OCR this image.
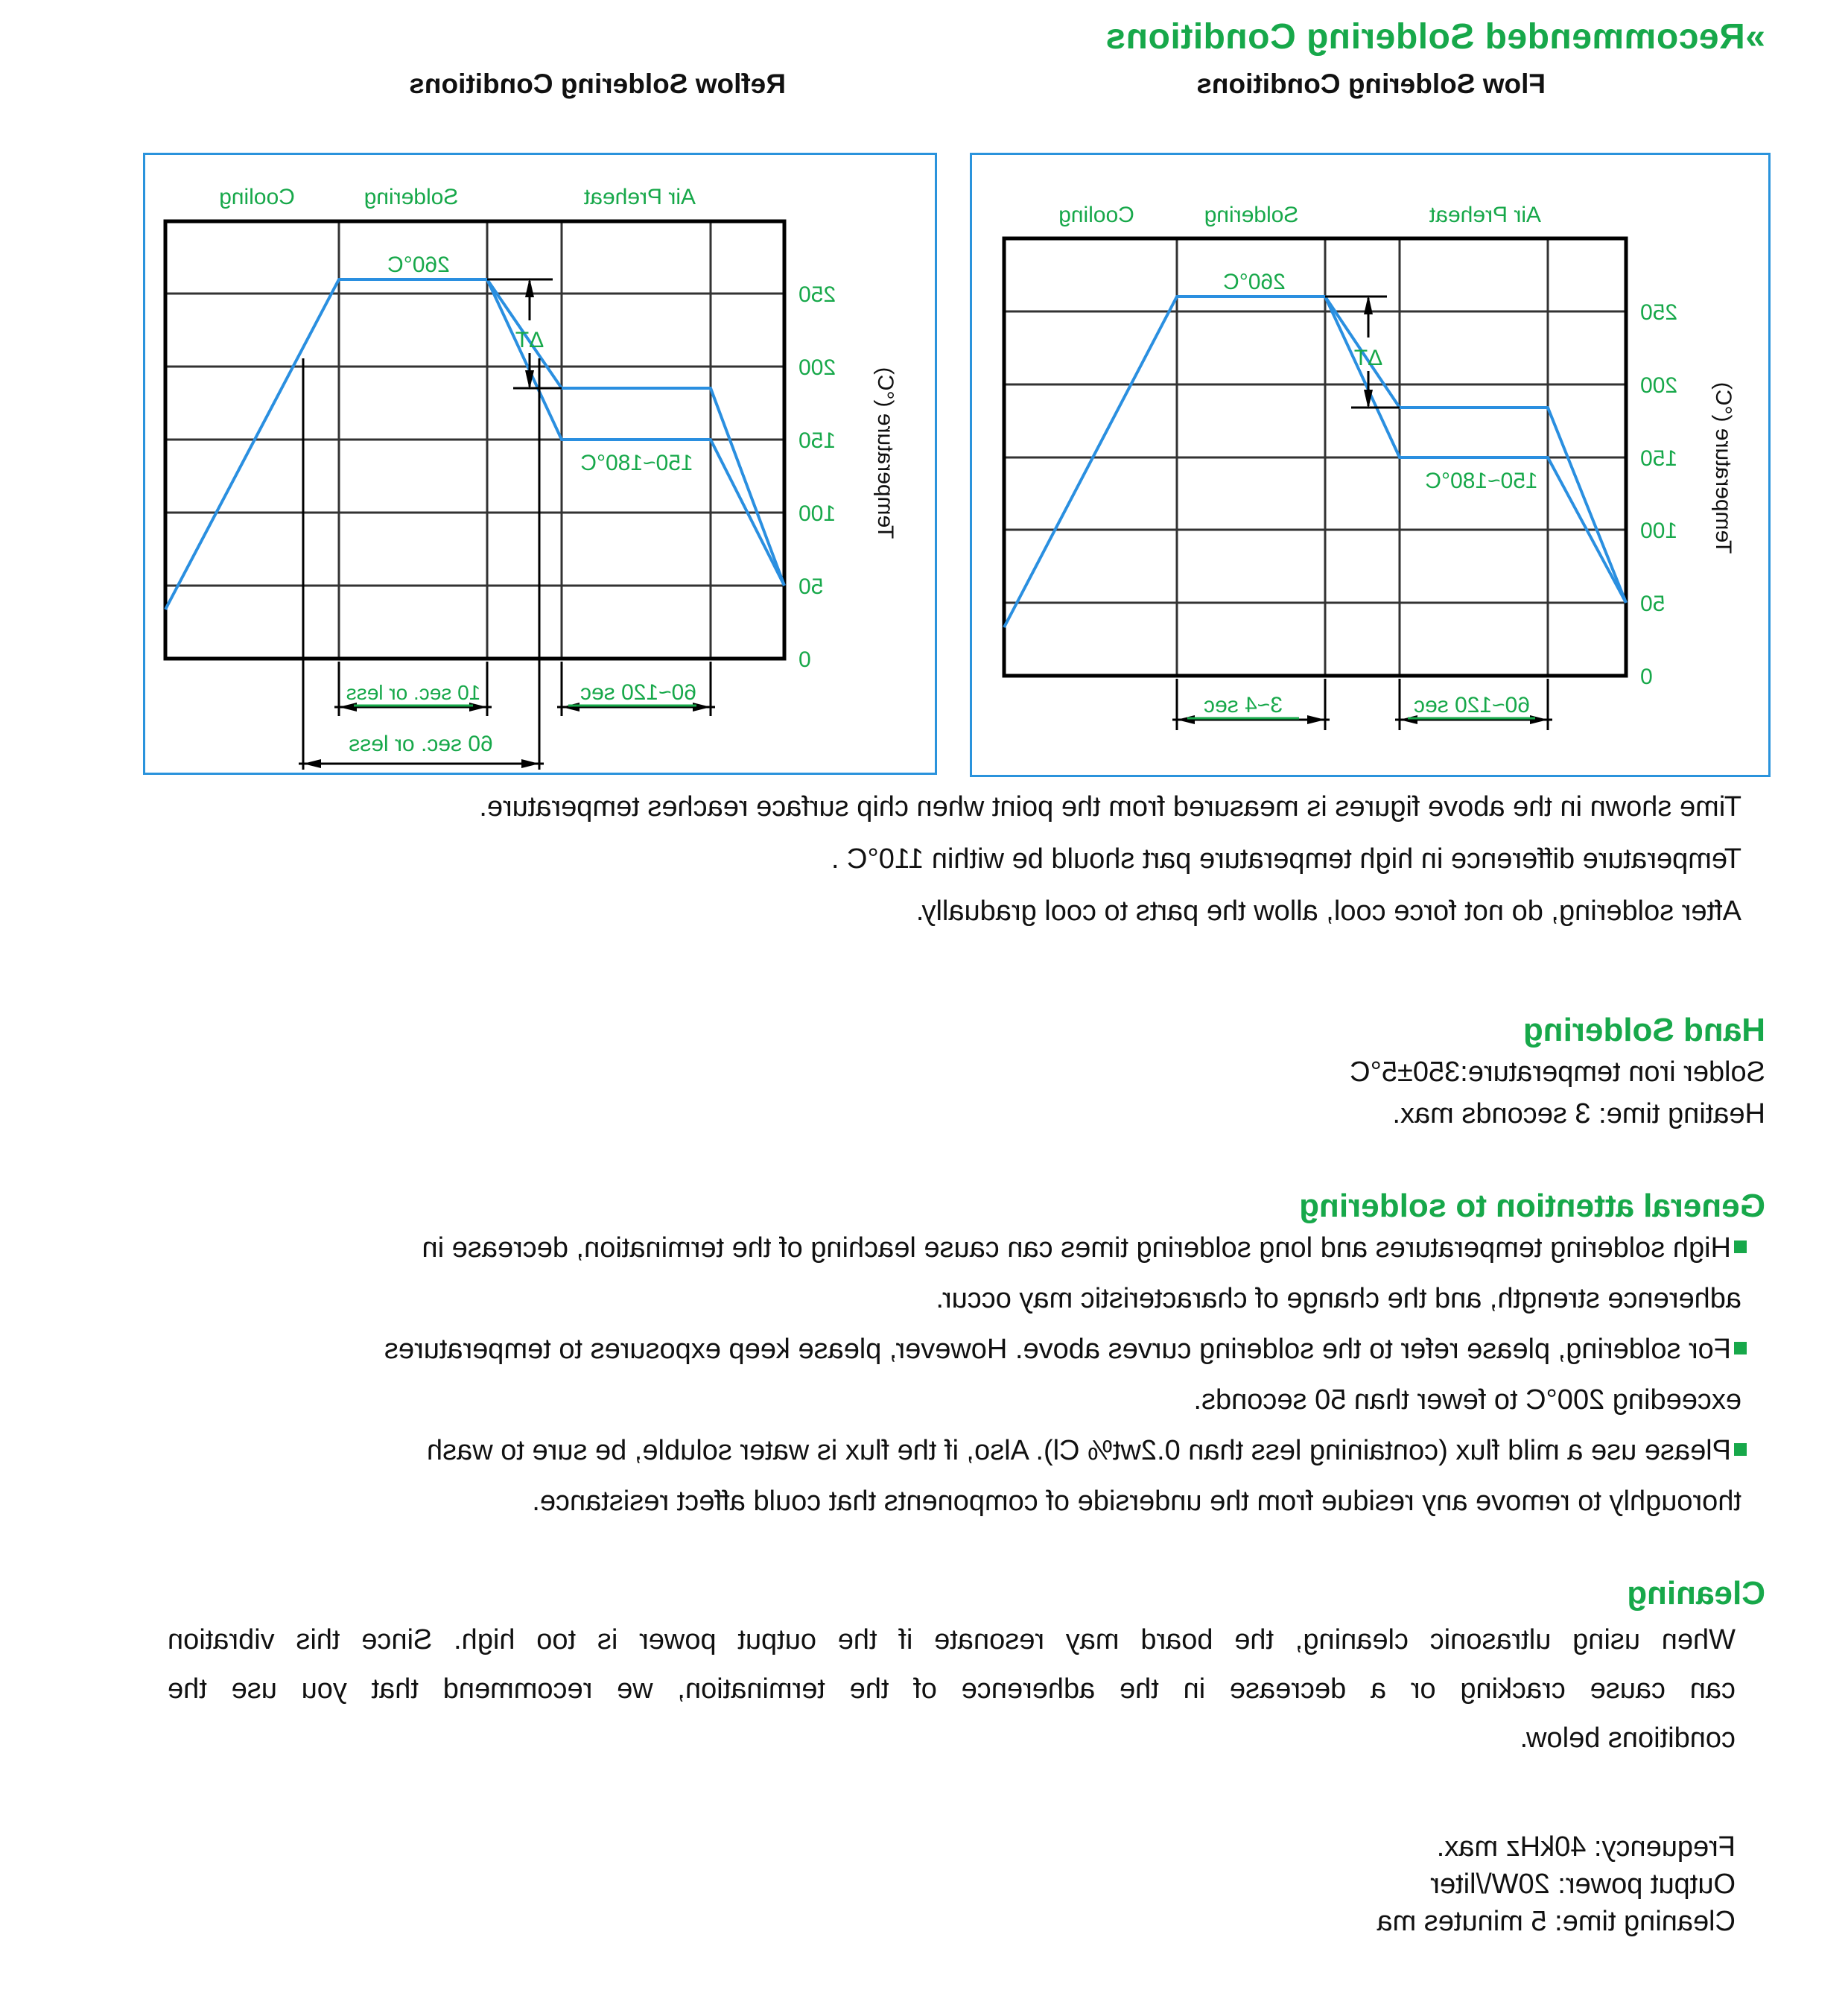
»Recommended Soldering Conditions
Flow Soldering Conditions
Reflow Soldering Conditions
ΔT
Air Preheat
Soldering
Cooling
260°C
150~180°C
0
50
100
150
200
250
Temperature (°C)
60~120 sec
3~4 sec
ΔT
Air Preheat
Soldering
Cooling
260°C
150~180°C
0
50
100
150
200
250
Temperature (°C)
60~120 sec
10 sec. or less
60 sec. or less
Time shown in the above figures is measured from the point when chip surface reaches temperature.
Temperature difference in high temperature part should be within 110°C .
After soldering, do not force cool, allow the parts to cool gradually.
Hand Soldering
Solder iron temperature:350±5°C
Heating time: 3 seconds max.
General attention to soldering
High soldering temperatures and long soldering times can cause leaching of the termination, decrease in
adherence strength, and the change of characteristic may occur.
For soldering, please refer to the soldering curves above. However, please keep exposures to temperatures
exceeding 200°C to fewer than 50 seconds.
Please use a mild flux (containing less than 0.2wt% Cl). Also, if the flux is water soluble, be sure to wash
thoroughly to remove any residue from the underside of components that could affect resistance.
Cleaning
When using ultrasonic cleaning, the board may resonate if the output power is too high. Since this vibration
can cause cracking or a decrease in the adherence of the termination, we recommend that you use the
conditions below.
Frequency: 40kHz max.
Output power: 20W\/liter
Cleaning time: 5 minutes ma
